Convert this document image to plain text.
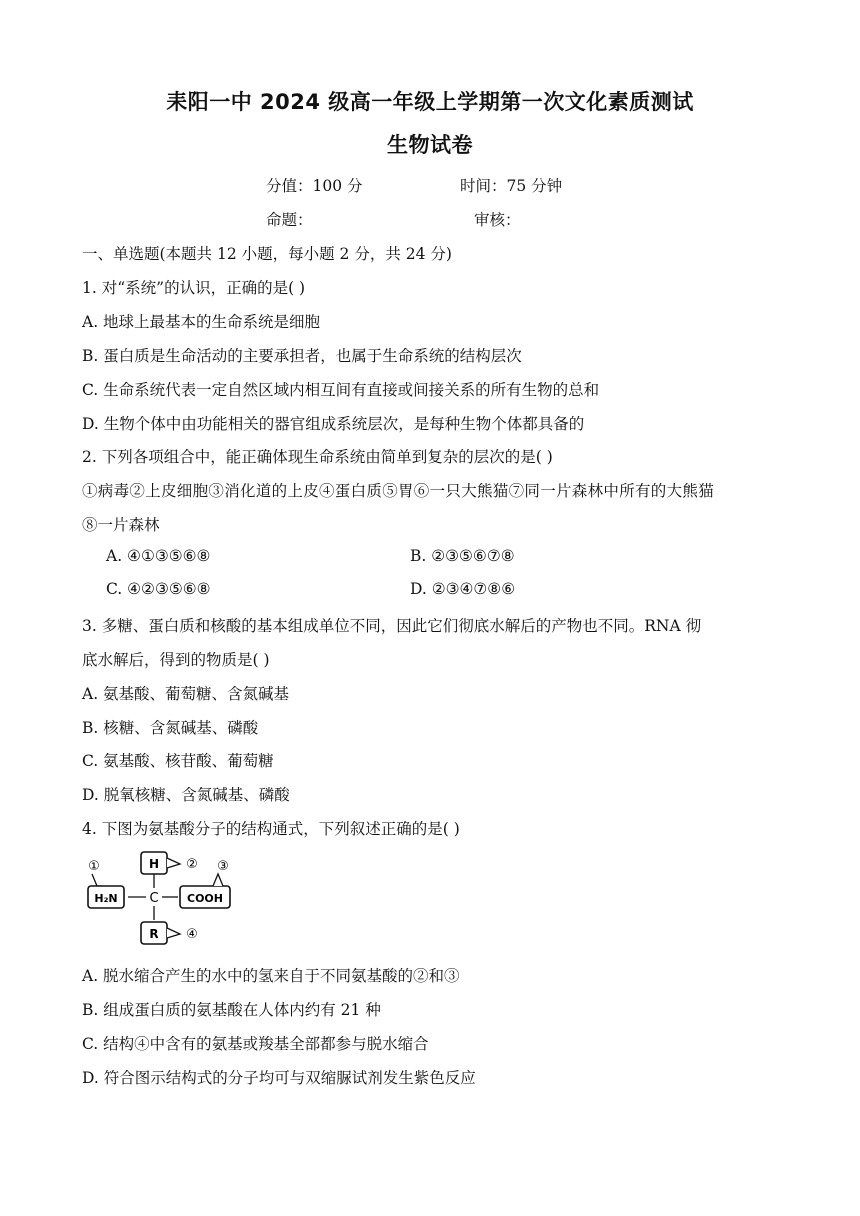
耒阳一中 2024 级高一年级上学期第一次文化素质测试
生物试卷
分值：100 分	时间：75 分钟
命题：	审核：
一、单选题(本题共 12 小题，每小题 2 分，共 24 分)
1. 对“系统”的认识，正确的是( )
A. 地球上最基本的生命系统是细胞
B. 蛋白质是生命活动的主要承担者，也属于生命系统的结构层次
C. 生命系统代表一定自然区域内相互间有直接或间接关系的所有生物的总和
D. 生物个体中由功能相关的器官组成系统层次，是每种生物个体都具备的
2. 下列各项组合中，能正确体现生命系统由简单到复杂的层次的是( )
①病毒②上皮细胞③消化道的上皮④蛋白质⑤胃⑥一只大熊猫⑦同一片森林中所有的大熊猫
⑧一片森林
A. ④①③⑤⑥⑧	B. ②③⑤⑥⑦⑧
C. ④②③⑤⑥⑧	D. ②③④⑦⑧⑥
3. 多糖、蛋白质和核酸的基本组成单位不同，因此它们彻底水解后的产物也不同。RNA 彻
底水解后，得到的物质是( )
A. 氨基酸、葡萄糖、含氮碱基
B. 核糖、含氮碱基、磷酸
C. 氨基酸、核苷酸、葡萄糖
D. 脱氧核糖、含氮碱基、磷酸
4. 下图为氨基酸分子的结构通式，下列叙述正确的是( )
H ②
①
H₂N C	COOH
③
R ④
A. 脱水缩合产生的水中的氢来自于不同氨基酸的②和③
B. 组成蛋白质的氨基酸在人体内约有 21 种
C. 结构④中含有的氨基或羧基全部都参与脱水缩合
D. 符合图示结构式的分子均可与双缩脲试剂发生紫色反应
